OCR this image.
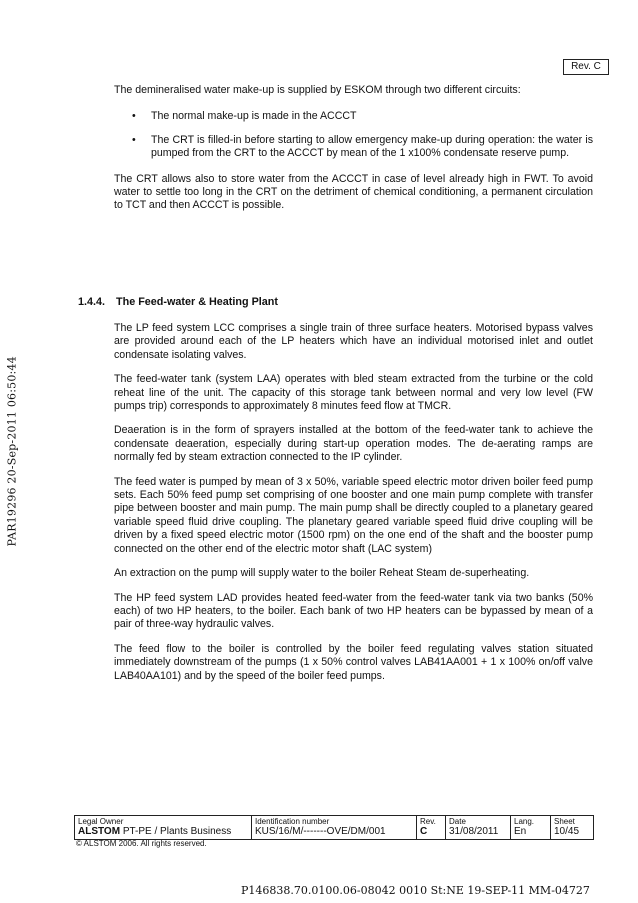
Rev. C
PAR19296 20-Sep-2011 06:50:44

The demineralised water make-up is supplied by ESKOM through two different circuits:

• The normal make-up is made in the ACCCT
• The CRT is filled-in before starting to allow emergency make-up during operation: the water is pumped from the CRT to the ACCCT by mean of the 1 x100% condensate reserve pump.

The CRT allows also to store water from the ACCCT in case of level already high in FWT. To avoid water to settle too long in the CRT on the detriment of chemical conditioning, a permanent circulation to TCT and then ACCCT is possible.

1.4.4. The Feed-water & Heating Plant

The LP feed system LCC comprises a single train of three surface heaters. Motorised bypass valves are provided around each of the LP heaters which have an individual motorised inlet and outlet condensate isolating valves.

The feed-water tank (system LAA) operates with bled steam extracted from the turbine or the cold reheat line of the unit. The capacity of this storage tank between normal and very low level (FW pumps trip) corresponds to approximately 8 minutes feed flow at TMCR.

Deaeration is in the form of sprayers installed at the bottom of the feed-water tank to achieve the condensate deaeration, especially during start-up operation modes. The de-aerating ramps are normally fed by steam extraction connected to the IP cylinder.

The feed water is pumped by mean of 3 x 50%, variable speed electric motor driven boiler feed pump sets. Each 50% feed pump set comprising of one booster and one main pump complete with transfer pipe between booster and main pump. The main pump shall be directly coupled to a planetary geared variable speed fluid drive coupling. The planetary geared variable speed fluid drive coupling will be driven by a fixed speed electric motor (1500 rpm) on the one end of the shaft and the booster pump connected on the other end of the electric motor shaft (LAC system)

An extraction on the pump will supply water to the boiler Reheat Steam de-superheating.

The HP feed system LAD provides heated feed-water from the feed-water tank via two banks (50% each) of two HP heaters, to the boiler. Each bank of two HP heaters can be bypassed by mean of a pair of three-way hydraulic valves.

The feed flow to the boiler is controlled by the boiler feed regulating valves station situated immediately downstream of the pumps (1 x 50% control valves LAB41AA001 + 1 x 100% on/off valve LAB40AA101) and by the speed of the boiler feed pumps.

Legal Owner
ALSTOM PT-PE / Plants Business

Identification number
KUS/16/M/-------OVE/DM/001

Rev.
C

Date
31/08/2011

Lang.
En

Sheet
10/45
© ALSTOM 2006. All rights reserved.
P146838.70.0100.06-08042 0010 St:NE 19-SEP-11 MM-04727
